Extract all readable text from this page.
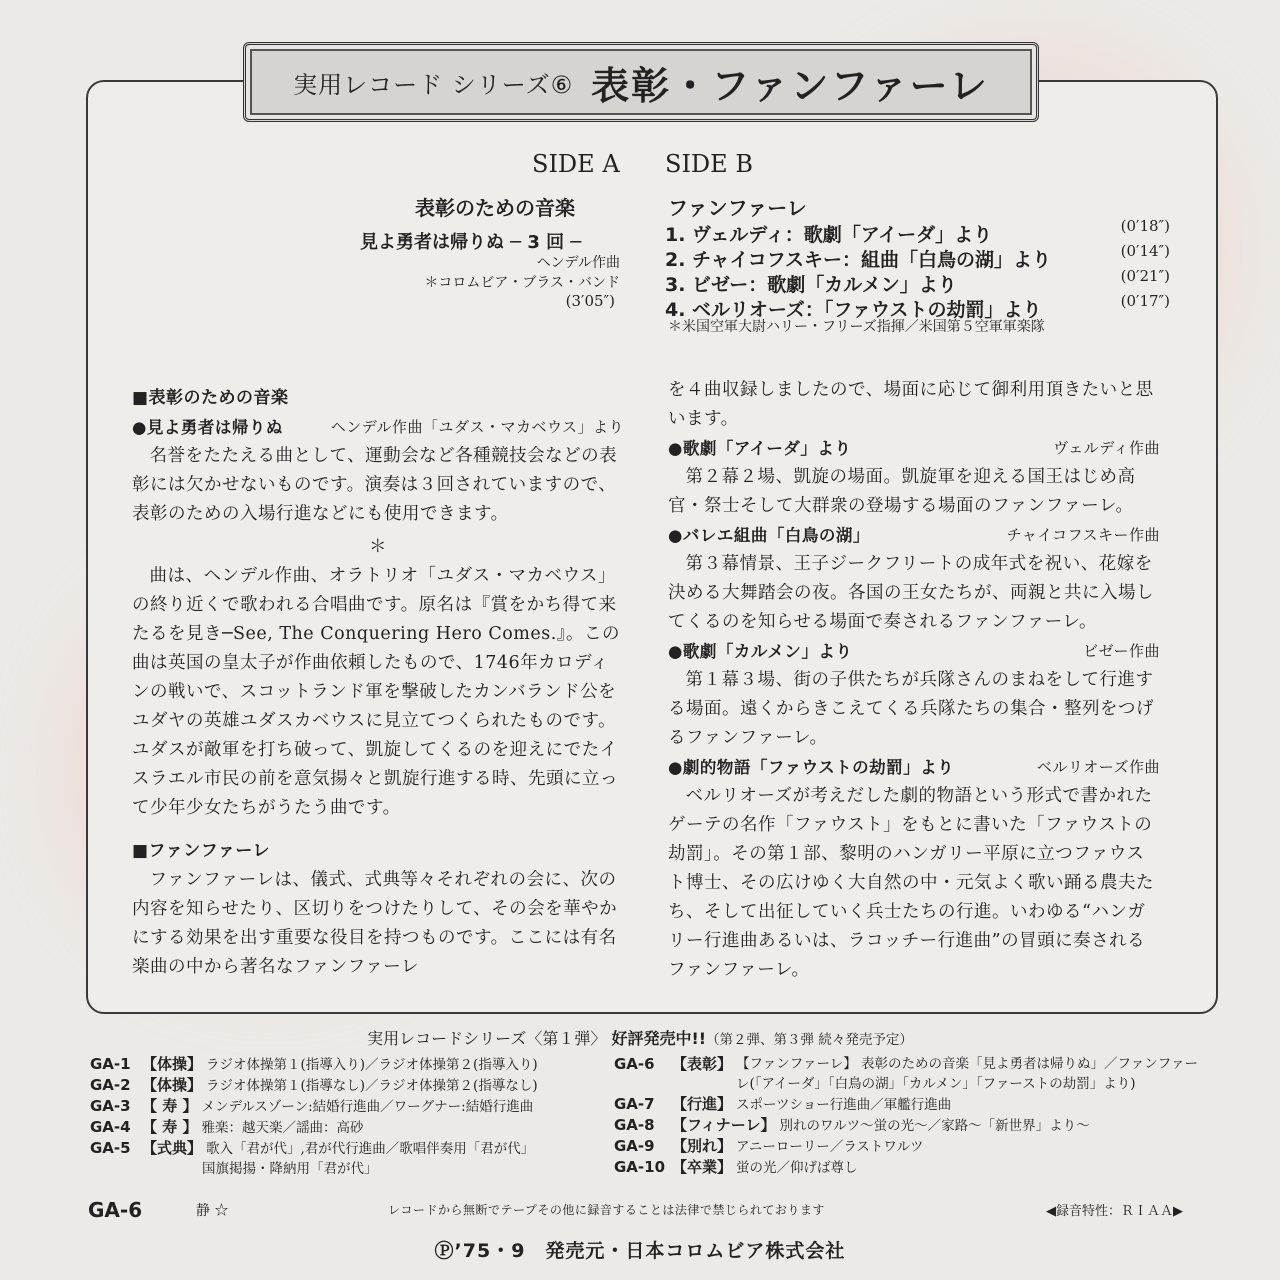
実用レコード シリーズ⑥ 表彰・ファンファーレ
SIDE A
表彰のための音楽
見よ勇者は帰りぬ ─ 3 回 ─
ヘンデル作曲
＊コロムビア・ブラス・バンド
(3′05″)
SIDE B
ファンファーレ
1. ヴェルディ：歌劇「アイーダ」より	(0′18″)
2. チャイコフスキー：組曲「白鳥の湖」より	(0′14″)
3. ビゼー：歌劇「カルメン」より	(0′21″)
4. ベルリオーズ：「ファウストの劫罰」より	(0′17″)
＊米国空軍大尉ハリー・フリーズ指揮／米国第５空軍軍楽隊
■表彰のための音楽
●見よ勇者は帰りぬ	ヘンデル作曲「ユダス・マカベウス」より

名誉をたたえる曲として、運動会など各種競技会などの表彰には欠かせないものです。演奏は３回されていますので、表彰のための入場行進などにも使用できます。

＊

曲は、ヘンデル作曲、オラトリオ「ユダス・マカベウス」の終り近くで歌われる合唱曲です。原名は『賞をかち得て来たるを見き─See, The Conquering Hero Comes.』。この曲は英国の皇太子が作曲依頼したもので、1746年カロディンの戦いで、スコットランド軍を撃破したカンバランド公をユダヤの英雄ユダスカベウスに見立てつくられたものです。ユダスが敵軍を打ち破って、凱旋してくるのを迎えにでたイスラエル市民の前を意気揚々と凱旋行進する時、先頭に立って少年少女たちがうたう曲です。

■ファンファーレ

ファンファーレは、儀式、式典等々それぞれの会に、次の内容を知らせたり、区切りをつけたりして、その会を華やかにする効果を出す重要な役目を持つものです。ここには有名楽曲の中から著名なファンファーレ

を４曲収録しましたので、場面に応じて御利用頂きたいと思います。

●歌劇「アイーダ」より	ヴェルディ作曲

第２幕２場、凱旋の場面。凱旋軍を迎える国王はじめ高官・祭士そして大群衆の登場する場面のファンファーレ。

●バレエ組曲「白鳥の湖」	チャイコフスキー作曲

第３幕情景、王子ジークフリートの成年式を祝い、花嫁を決める大舞踏会の夜。各国の王女たちが、両親と共に入場してくるのを知らせる場面で奏されるファンファーレ。

●歌劇「カルメン」より	ビゼー作曲

第１幕３場、街の子供たちが兵隊さんのまねをして行進する場面。遠くからきこえてくる兵隊たちの集合・整列をつげるファンファーレ。

●劇的物語「ファウストの劫罰」より	ベルリオーズ作曲

ベルリオーズが考えだした劇的物語という形式で書かれたゲーテの名作「ファウスト」をもとに書いた「ファウストの劫罰」。その第１部、黎明のハンガリー平原に立つファウスト博士、その広けゆく大自然の中・元気よく歌い踊る農夫たち、そして出征していく兵士たちの行進。いわゆる“ハンガリー行進曲あるいは、ラコッチー行進曲”の冒頭に奏されるファンファーレ。

実用レコードシリーズ〈第１弾〉 好評発売中!!（第２弾、第３弾 続々発売予定）
GA-1 【体操】 ラジオ体操第１(指導入り)／ラジオ体操第２(指導入り)
GA-2 【体操】 ラジオ体操第１(指導なし)／ラジオ体操第２(指導なし)
GA-3 【 寿 】 メンデルスゾーン:結婚行進曲／ワーグナー:結婚行進曲
GA-4 【 寿 】 雅楽：越天楽／謡曲：高砂
GA-5 【式典】 歌入「君が代」,君が代行進曲／歌唱伴奏用「君が代」
国旗掲揚・降納用「君が代」
GA-6	【表彰】 【ファンファーレ】 表彰のための音楽「見よ勇者は帰りぬ」／ファンファーレ(「アイーダ」「白鳥の湖」「カルメン」「ファーストの劫罰」より)
GA-7	【行進】 スポーツショー行進曲／軍艦行進曲
GA-8	【フィナーレ】 別れのワルツ〜蛍の光〜／家路〜「新世界」より〜
GA-9	【別れ】 アニーローリー／ラストワルツ
GA-10 【卒業】 蛍の光／仰げば尊し
GA-6	静 ☆	レコードから無断でテープその他に録音することは法律で禁じられております	◀録音特性：ＲＩＡＡ▶
Ⓟ’75・9　発売元・日本コロムビア株式会社
